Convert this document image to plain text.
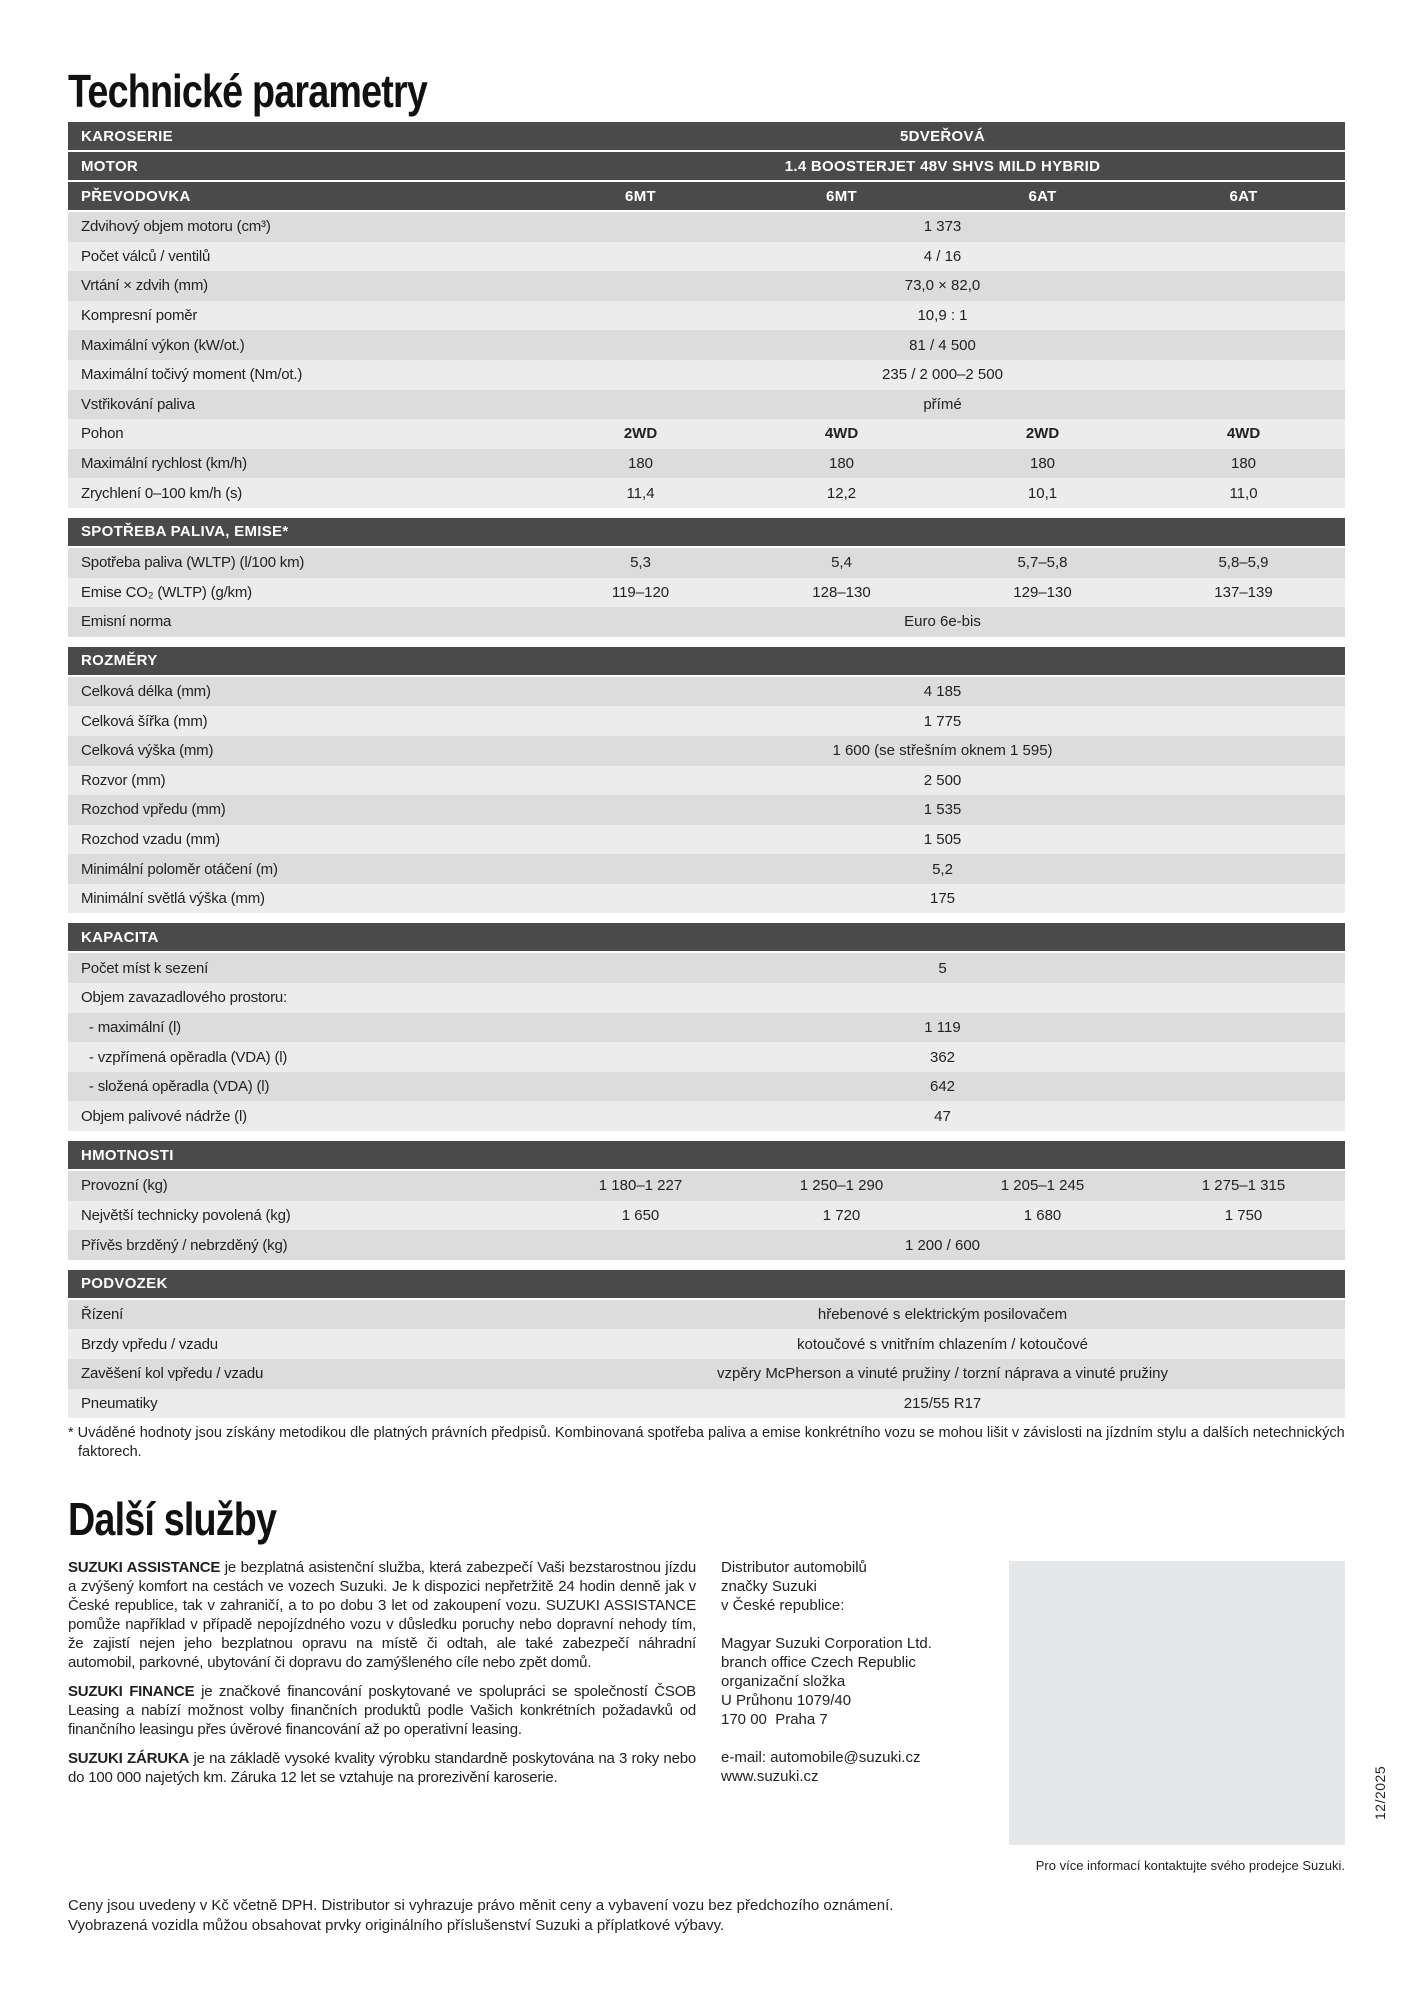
Technické parametry
KAROSERIE	5DVEŘOVÁ
MOTOR	1.4 BOOSTERJET 48V SHVS MILD HYBRID
PŘEVODOVKA	6MT	6MT	6AT	6AT
Zdvihový objem motoru (cm³)	1 373
Počet válců / ventilů	4 / 16
Vrtání × zdvih (mm)	73,0 × 82,0
Kompresní poměr	10,9 : 1
Maximální výkon (kW/ot.)	81 / 4 500
Maximální točivý moment (Nm/ot.)	235 / 2 000–2 500
Vstřikování paliva	přímé
Pohon	2WD	4WD	2WD	4WD
Maximální rychlost (km/h)	180	180	180	180
Zrychlení 0–100 km/h (s)	11,4	12,2	10,1	11,0
SPOTŘEBA PALIVA, EMISE*
Spotřeba paliva (WLTP) (l/100 km)	5,3	5,4	5,7–5,8	5,8–5,9
Emise CO₂ (WLTP) (g/km)	119–120	128–130	129–130	137–139
Emisní norma	Euro 6e-bis
ROZMĚRY
Celková délka (mm)	4 185
Celková šířka (mm)	1 775
Celková výška (mm)	1 600 (se střešním oknem 1 595)
Rozvor (mm)	2 500
Rozchod vpředu (mm)	1 535
Rozchod vzadu (mm)	1 505
Minimální poloměr otáčení (m)	5,2
Minimální světlá výška (mm)	175
KAPACITA
Počet míst k sezení	5
Objem zavazadlového prostoru:
- maximální (l)	1 119
- vzpřímená opěradla (VDA) (l)	362
- složená opěradla (VDA) (l)	642
Objem palivové nádrže (l)	47
HMOTNOSTI
Provozní (kg)	1 180–1 227	1 250–1 290	1 205–1 245	1 275–1 315
Největší technicky povolená (kg)	1 650	1 720	1 680	1 750
Přívěs brzděný / nebrzděný (kg)	1 200 / 600
PODVOZEK
Řízení	hřebenové s elektrickým posilovačem
Brzdy vpředu / vzadu	kotoučové s vnitřním chlazením / kotoučové
Zavěšení kol vpředu / vzadu	vzpěry McPherson a vinuté pružiny / torzní náprava a vinuté pružiny
Pneumatiky	215/55 R17
* Uváděné hodnoty jsou získány metodikou dle platných právních předpisů. Kombinovaná spotřeba paliva a emise konkrétního vozu se mohou lišit v závislosti na jízdním stylu a dalších netechnických faktorech.
Další služby

SUZUKI ASSISTANCE je bezplatná asistenční služba, která zabezpečí Vaši bezstarostnou jízdu a zvýšený komfort na cestách ve vozech Suzuki. Je k dispozici nepřetržitě 24 hodin denně jak v České republice, tak v zahraničí, a to po dobu 3 let od zakoupení vozu. SUZUKI ASSISTANCE pomůže například v případě nepojízdného vozu v důsledku poruchy nebo dopravní nehody tím, že zajistí nejen jeho bezplatnou opravu na místě či odtah, ale také zabezpečí náhradní automobil, parkovné, ubytování či dopravu do zamýšleného cíle nebo zpět domů.

SUZUKI FINANCE je značkové financování poskytované ve spolupráci se společností ČSOB Leasing a nabízí možnost volby finančních produktů podle Vašich konkrétních požadavků od finančního leasingu přes úvěrové financování až po operativní leasing.

SUZUKI ZÁRUKA je na základě vysoké kvality výrobku standardně poskytována na 3 roky nebo do 100 000 najetých km. Záruka 12 let se vztahuje na prorezivění karoserie.

Distributor automobilů
značky Suzuki
v České republice:
Magyar Suzuki Corporation Ltd.
branch office Czech Republic
organizační složka
U Průhonu 1079/40
170 00  Praha 7
e-mail: automobile@suzuki.cz
www.suzuki.cz
Pro více informací kontaktujte svého prodejce Suzuki.
12/2025
Ceny jsou uvedeny v Kč včetně DPH. Distributor si vyhrazuje právo měnit ceny a vybavení vozu bez předchozího oznámení.
Vyobrazená vozidla můžou obsahovat prvky originálního příslušenství Suzuki a příplatkové výbavy.
